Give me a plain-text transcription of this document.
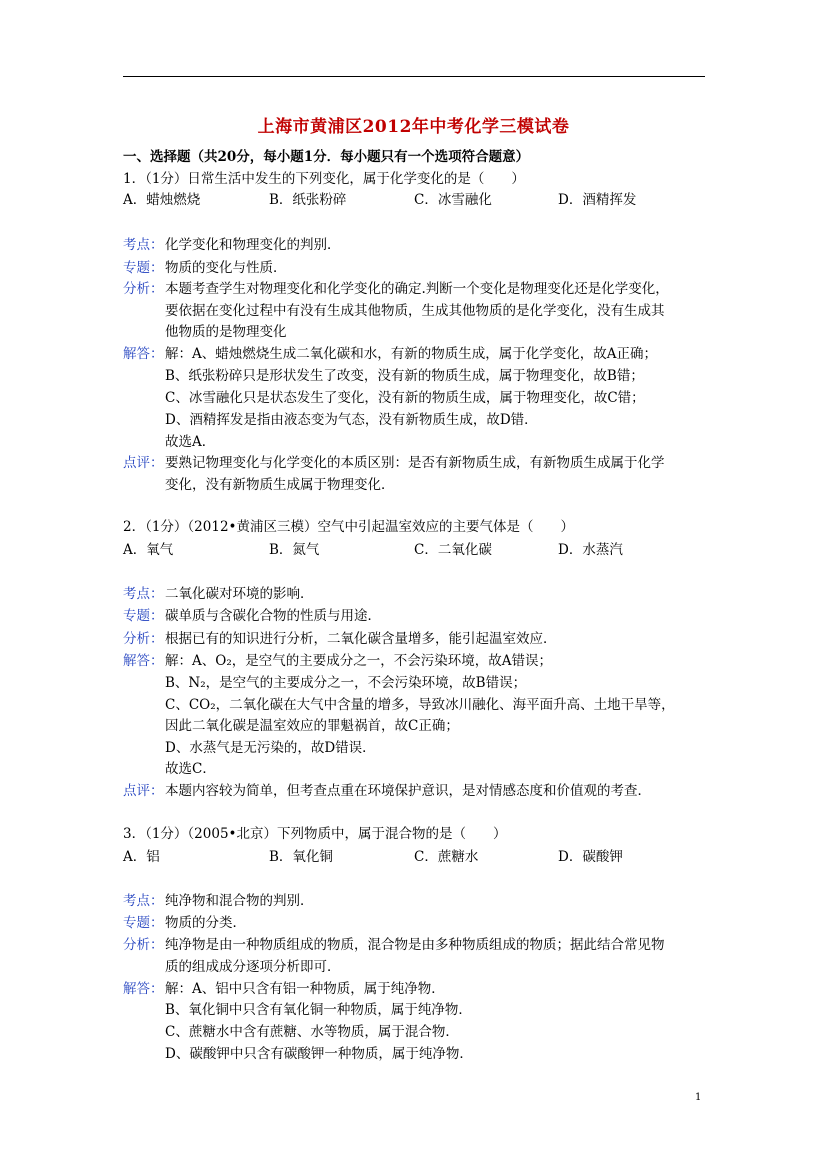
上海市黄浦区2012年中考化学三模试卷
一、选择题（共20分，每小题1分．每小题只有一个选项符合题意）
1．（1分）日常生活中发生的下列变化，属于化学变化的是（　　）
A．蜡烛燃烧	B．纸张粉碎	C．冰雪融化	D．酒精挥发
考点 ：	化学变化和物理变化的判别．
专题 ：	物质的变化与性质．
分析 ：	本题考查学生对物理变化和化学变化的确定.判断一个变化是物理变化还是化学变化，
要依据在变化过程中有没有生成其他物质，生成其他物质的是化学变化，没有生成其
他物质的是物理变化
解答 ：	解：A、蜡烛燃烧生成二氧化碳和水，有新的物质生成，属于化学变化，故A正确；
B、纸张粉碎只是形状发生了改变，没有新的物质生成，属于物理变化，故B错；
C、冰雪融化只是状态发生了变化，没有新的物质生成，属于物理变化，故C错；
D、酒精挥发是指由液态变为气态，没有新物质生成，故D错．
故选A．
点评 ：	要熟记物理变化与化学变化的本质区别：是否有新物质生成，有新物质生成属于化学
变化，没有新物质生成属于物理变化．
2．（1分）（2012•黄浦区三模）空气中引起温室效应的主要气体是（　　）
A．氧气	B．氮气	C．二氧化碳	D．水蒸汽
考点 ：	二氧化碳对环境的影响．
专题 ：	碳单质与含碳化合物的性质与用途．
分析 ：	根据已有的知识进行分析，二氧化碳含量增多，能引起温室效应．
解答 ：	解：A、O₂，是空气的主要成分之一，不会污染环境，故A错误；
B、N₂，是空气的主要成分之一，不会污染环境，故B错误；
C、CO₂，二氧化碳在大气中含量的增多，导致冰川融化、海平面升高、土地干旱等，
因此二氧化碳是温室效应的罪魁祸首，故C正确；
D、水蒸气是无污染的，故D错误．
故选C．
点评 ：	本题内容较为简单，但考查点重在环境保护意识，是对情感态度和价值观的考查．
3．（1分）（2005•北京）下列物质中，属于混合物的是（　　）
A．铝	B．氧化铜	C．蔗糖水	D．碳酸钾
考点 ：	纯净物和混合物的判别．
专题 ：	物质的分类．
分析 ：	纯净物是由一种物质组成的物质，混合物是由多种物质组成的物质；据此结合常见物
质的组成成分逐项分析即可．
解答 ：	解：A、铝中只含有铝一种物质，属于纯净物．
B、氧化铜中只含有氧化铜一种物质，属于纯净物．
C、蔗糖水中含有蔗糖、水等物质，属于混合物．
D、碳酸钾中只含有碳酸钾一种物质，属于纯净物．
1
